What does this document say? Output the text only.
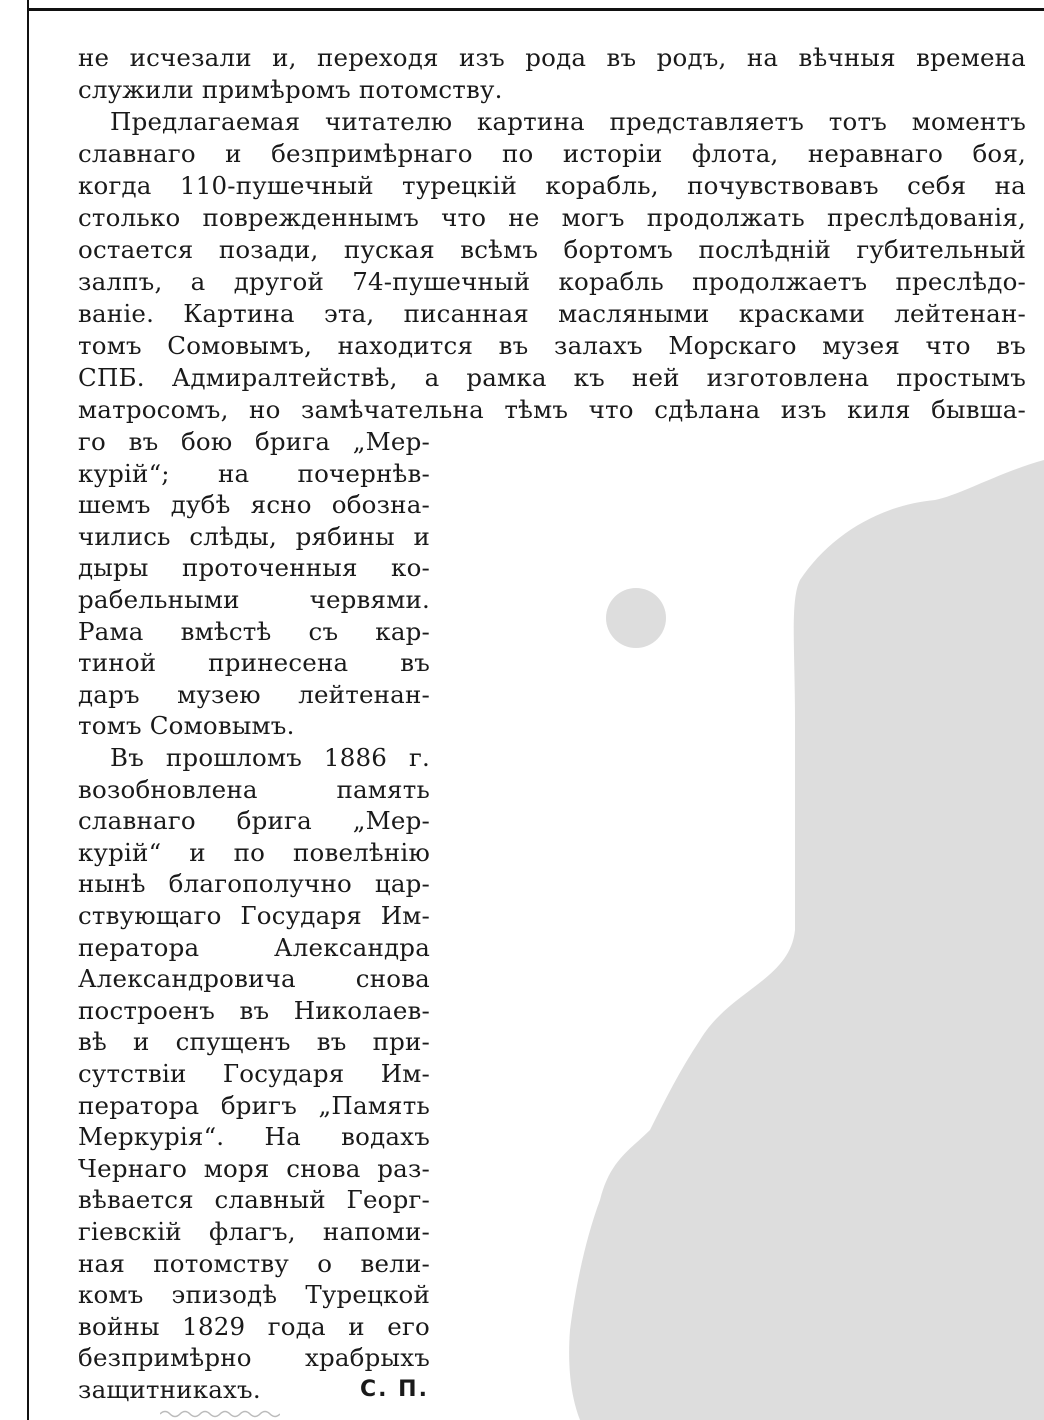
не исчезали и, переходя изъ рода въ родъ, на вѣчныя времена

служили примѣромъ потомству.

Предлагаемая читателю картина представляетъ тотъ моментъ

славнаго и безпримѣрнаго по исторіи флота, неравнаго боя,

когда 110-пушечный турецкій корабль, почувствовавъ себя на

столько поврежденнымъ что не могъ продолжать преслѣдованія,

остается позади, пуская всѣмъ бортомъ послѣдній губительный

залпъ, а другой 74-пушечный корабль продолжаетъ преслѣдо-

ваніе. Картина эта, писанная масляными красками лейтенан-

томъ Сомовымъ, находится въ залахъ Морскаго музея что въ

СПБ. Адмиралтействѣ, а рамка къ ней изготовлена простымъ

матросомъ, но замѣчательна тѣмъ что сдѣлана изъ киля бывша-

го въ бою брига „Мер-

курій“; на почернѣв-

шемъ дубѣ ясно обозна-

чились слѣды, рябины и

дыры проточенныя ко-

рабельными червями.

Рама вмѣстѣ съ кар-

тиной принесена въ

даръ музею лейтенан-

томъ Сомовымъ.

Въ прошломъ 1886 г.

возобновлена память

славнаго брига „Мер-

курій“ и по повелѣнію

нынѣ благополучно цар-

ствующаго Государя Им-

ператора Александра

Александровича снова

построенъ въ Николаев-

вѣ и спущенъ въ при-

сутствіи Государя Им-

ператора бригъ „Память

Меркурія“. На водахъ

Чернаго моря снова раз-

вѣвается славный Георг-

гіевскій флагъ, напоми-

ная потомству о вели-

комъ эпизодѣ Турецкой

войны 1829 года и его

безпримѣрно храбрыхъ

защитникахъ.	С. П.
